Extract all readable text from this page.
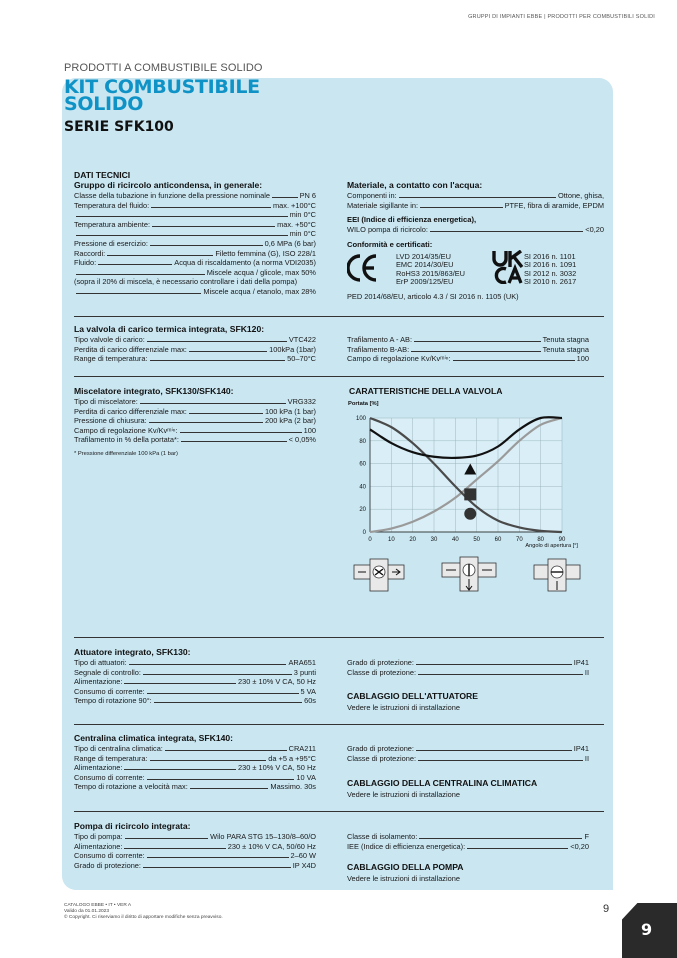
GRUPPI DI IMPIANTI EBBE | PRODOTTI PER COMBUSTIBILI SOLIDI
PRODOTTI A COMBUSTIBILE SOLIDO
KIT COMBUSTIBILE
SOLIDO
SERIE SFK100
DATI TECNICI
Gruppo di ricircolo anticondensa, in generale:
Classe della tubazione in funzione della pressione nominale	PN 6
Temperatura del fluido:	max. +100°C
min 0°C
Temperatura ambiente:	max. +50°C
min 0°C
Pressione di esercizio:	0,6 MPa (6 bar)
Raccordi:	Filetto femmina (G), ISO 228/1
Fluido:	Acqua di riscaldamento (a norma VDI2035)
Miscele acqua / glicole, max 50%
(sopra il 20% di miscela, è necessario controllare i dati della pompa)
Miscele acqua / etanolo, max 28%
Materiale, a contatto con l'acqua:
Componenti in:	Ottone, ghisa,
Materiale sigillante in:	PTFE, fibra di aramide, EPDM
EEI (Indice di efficienza energetica),
WILO pompa di ricircolo:	<0,20
Conformità e certificati:
LVD 2014/35/EU
EMC 2014/30/EU
RoHS3 2015/863/EU
ErP 2009/125/EU
SI 2016 n. 1101
SI 2016 n. 1091
SI 2012 n. 3032
SI 2010 n. 2617
PED 2014/68/EU, articolo 4.3 / SI 2016 n. 1105 (UK)
La valvola di carico termica integrata, SFK120:
Tipo valvole di carico:	VTC422
Perdita di carico differenziale max:	100kPa (1bar)
Range di temperatura:	50–70°C
Trafilamento A - AB:	Tenuta stagna
Trafilamento B-AB:	Tenuta stagna
Campo di regolazione Kv/Kvᵐⁱⁿ:	100
Miscelatore integrato, SFK130/SFK140:
Tipo di miscelatore:	VRG332
Perdita di carico differenziale max:	100 kPa (1 bar)
Pressione di chiusura:	200 kPa (2 bar)
Campo di regolazione Kv/Kvᵐⁱⁿ:	100
Trafilamento in % della portata*:	< 0,05%
* Pressione differenziale 100 kPa (1 bar)
CARATTERISTICHE DELLA VALVOLA
0	10 20 30 40 50 60 70 80 90
0
20
40
60
80
100
Portata [%]
Angolo di apertura [°]
Attuatore integrato, SFK130:
Tipo di attuatori:	ARA651
Segnale di controllo:	3 punti
Alimentazione:	230 ± 10% V CA, 50 Hz
Consumo di corrente:	5 VA
Tempo di rotazione 90°:	60s
Grado di protezione:	IP41
Classe di protezione:	II
CABLAGGIO DELL'ATTUATORE
Vedere le istruzioni di installazione
Centralina climatica integrata, SFK140:
Tipo di centralina climatica:	CRA211
Range di temperatura:	da +5 a +95°C
Alimentazione:	230 ± 10% V CA, 50 Hz
Consumo di corrente:	10 VA
Tempo di rotazione a velocità max:	Massimo. 30s
Grado di protezione:	IP41
Classe di protezione:	II
CABLAGGIO DELLA CENTRALINA CLIMATICA
Vedere le istruzioni di installazione
Pompa di ricircolo integrata:
Tipo di pompa:	Wilo PARA STG 15–130/8–60/O
Alimentazione:	230 ± 10% V CA, 50/60 Hz
Consumo di corrente:	2–60 W
Grado di protezione:	IP X4D
Classe di isolamento:	F
IEE (Indice di efficienza energetica):	<0,20
CABLAGGIO DELLA POMPA
Vedere le istruzioni di installazione
CATALOGO EBBE • IT • VER A
Valido da 01.01.2023
© Copyright. Ci riserviamo il diritto di apportare modifiche senza preavviso.
9
9
